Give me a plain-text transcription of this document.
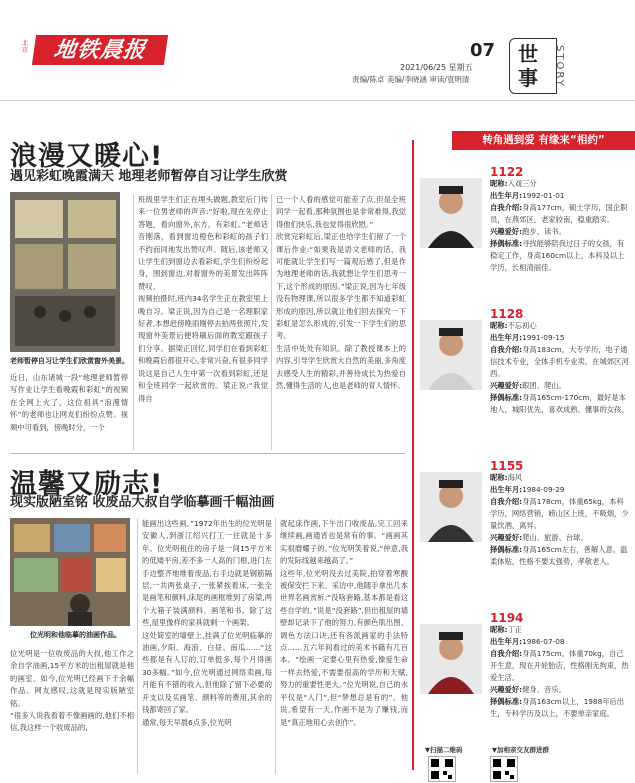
北京	地铁晨报	07
2021/06/25 星期五
责编/陈卓 美编/李晓涵 审读/袁明清
世事	STORY
转角遇到爱 有缘来“相约”
浪漫又暖心!
遇见彩虹晚霞满天 地理老师暂停自习让学生欣赏
老师暂停自习让学生们欣赏窗外美景。
近日，山东诸城一段“地理老师暂停写作业让学生看晚霞和彩虹”的视频在全网上火了，这位祖具“浪漫情怀”的老师也让网友们纷纷点赞。视频中可看到，傍晚时分，一个
班级里学生们正在埋头做题,教室后门传来一位男老师的声音:“好啦,现在先停止答题，看向窗外,东方，有彩虹。”老师话音刚落，看到窗边橙色和彩虹的孩子们不约而同地发出赞叹声。随后,该老师又让学生们到窗边去看彩虹,学生们纷纷起身，围到窗边,对着窗外的美景发出阵阵赞叹。
视频拍摄时,班内34名学生正在教室里上晚自习。梁正说,因为自己是一名理职家好者,本想赶傍晚雨刚停去拍两张照片,发现窗外美景后便将刷后面的教室跟孩子们分享。据梁正回忆,同学们在看到彩虹和晚霞后都很开心,非常兴奋,有很多同学说这是自己人生中第一次看到彩虹,还是和全班同学一起欣赏的。梁正说:“我觉得自
己一个人看的感觉可能差了点,但是全班同学一起看,那种氛围也是非常难得,我觉得他们快乐,我也觉得很欣慰。”
欣赏完彩虹后,梁正也给学生们留了一个课后作业:“如果我是语文老师的话，我可能就让学生们写一篇观后感了,但是作为地理老师的话,我就想让学生们思考一下,这个形成的原因。”梁正说,因为七年级没有物理课,所以很多学生都不知道彩虹形成的原因,所以就让他们回去探究一下彩虹是怎么形成的,引发一下学生们的思考。
生活中处处有知识。除了教授课本上的内容,引导学生欣赏大自然的美丽,多角度去感受人生的精彩,并善待成长为热爱自然,懂得生活的人,也是老师的育人情怀。
温馨又励志!
现实版陋室铭 收废品大叔自学临摹画千幅油画
位光明和他临摹的油画作品。
位光明是一位收废品的大叔,他工作之余自学油画,15平方米的出租屋就是他的画室。如今,位光明已经画下千余幅作品。网友感叹,这就是现实版陋室铭。
“很多人说我看着不像画画的,他们不相信,我这样一个收废品的,
能画出这些画。”1972年出生的位光明是安徽人,到浙江绍兴打工一住就是十多年。位光明租住的房子是一间15平方米的低矮平房,差不多一人高的门框,进门左手边整齐地堆着废品,右手边就是钢筋隔层,一共两张桌子,一张紧挨着床,一张全是画笔和颜料,床尾的画框堆到了房梁,两个大箱子装满颜料、画笔和书。除了这些,屋里像样的家具就剩一个画架。
这处简室的墙壁上,挂满了位光明临摹的油画,夕阳、海浪、白昼、南瓜……“这些都是有人订的,订单挺多,每个月得画30多幅。”如今,位光明通过网络卖画,每月能有不错的收入,但他除了留下必要的开支以及买画笔、颜料等的费用,其余的钱都寄回了家。
通常,每天早晨6点多,位光明
就起床作画,下午出门收废品,完工回来继续画,画通宵也是常有的事。“画画其实很磨耀子的。”位光明笑着说,“仲意,我的发际线越来越高了。”
这些年,位光明没去过美院,拍穿着寒酸被保安拦下来。采访中,他随手拿出几本世界名画赏析:“没啥套路,基本都是看这些自学的。”说是“没套路”,但出租屋的墙壁却记录下了他的努力,有颜色肌出图、调色方法口诀,还有各派画家的手法特点……五六年间看过的美术书籍有几百本。“绘画一定要心里有热爱,像爱生命一样去热爱,不需要很高的学历和天赋,努力的重要性更大。”位光明说,自己的水平仅是“入门”,但“梦想总是有的”。他说,希望有一天,作画不是为了赚钱,而是“真正地用心去创作”。
1122
昵称:入戏三分
出生年月:1992-01-01
自我介绍:身高177cm，硕士学历，国企职员，在燕郊区，老家较南，稳重踏实。
兴趣爱好:跑步、读书。
择偶标准:寻找能够陪我过日子的女孩，有稳定工作，身高160cm以上，本科及以上学历，长相清丽佳。
1128
昵称:不忘初心
出生年月:1991-09-15
自我介绍:身高183cm，大专学历，电子通信技术专业，全体手机专业卖，在城郊区河西。
兴趣爱好:跟团、爬山。
择偶标准:身高165cm-170cm，最好是本地人，城阳优先，喜欢成熟、懂事的女孩。
1155
昵称:海风
出生年月:1984-09-29
自我介绍:身高178cm，体重65kg，本科学历，网络营销，崂山区上班，不吸烟，少量饮酒，离异。
兴趣爱好:爬山、旅游、台球。
择偶标准:身高165cm左右，善解人意，温柔体贴，性格不要太强势，孝敬老人。
1194
昵称:丁正
出生年月:1986-07-08
自我介绍:身高175cm，体重70kg，自己开生意，现在开轮胎店，性格刚无拘束，热爱生活。
兴趣爱好:健身、音乐。
择偶标准:身高163cm以上，1988年后出生，专科学历及以上，不要单亲家庭。
▼扫描二维码	▼加相亲交友群进群
